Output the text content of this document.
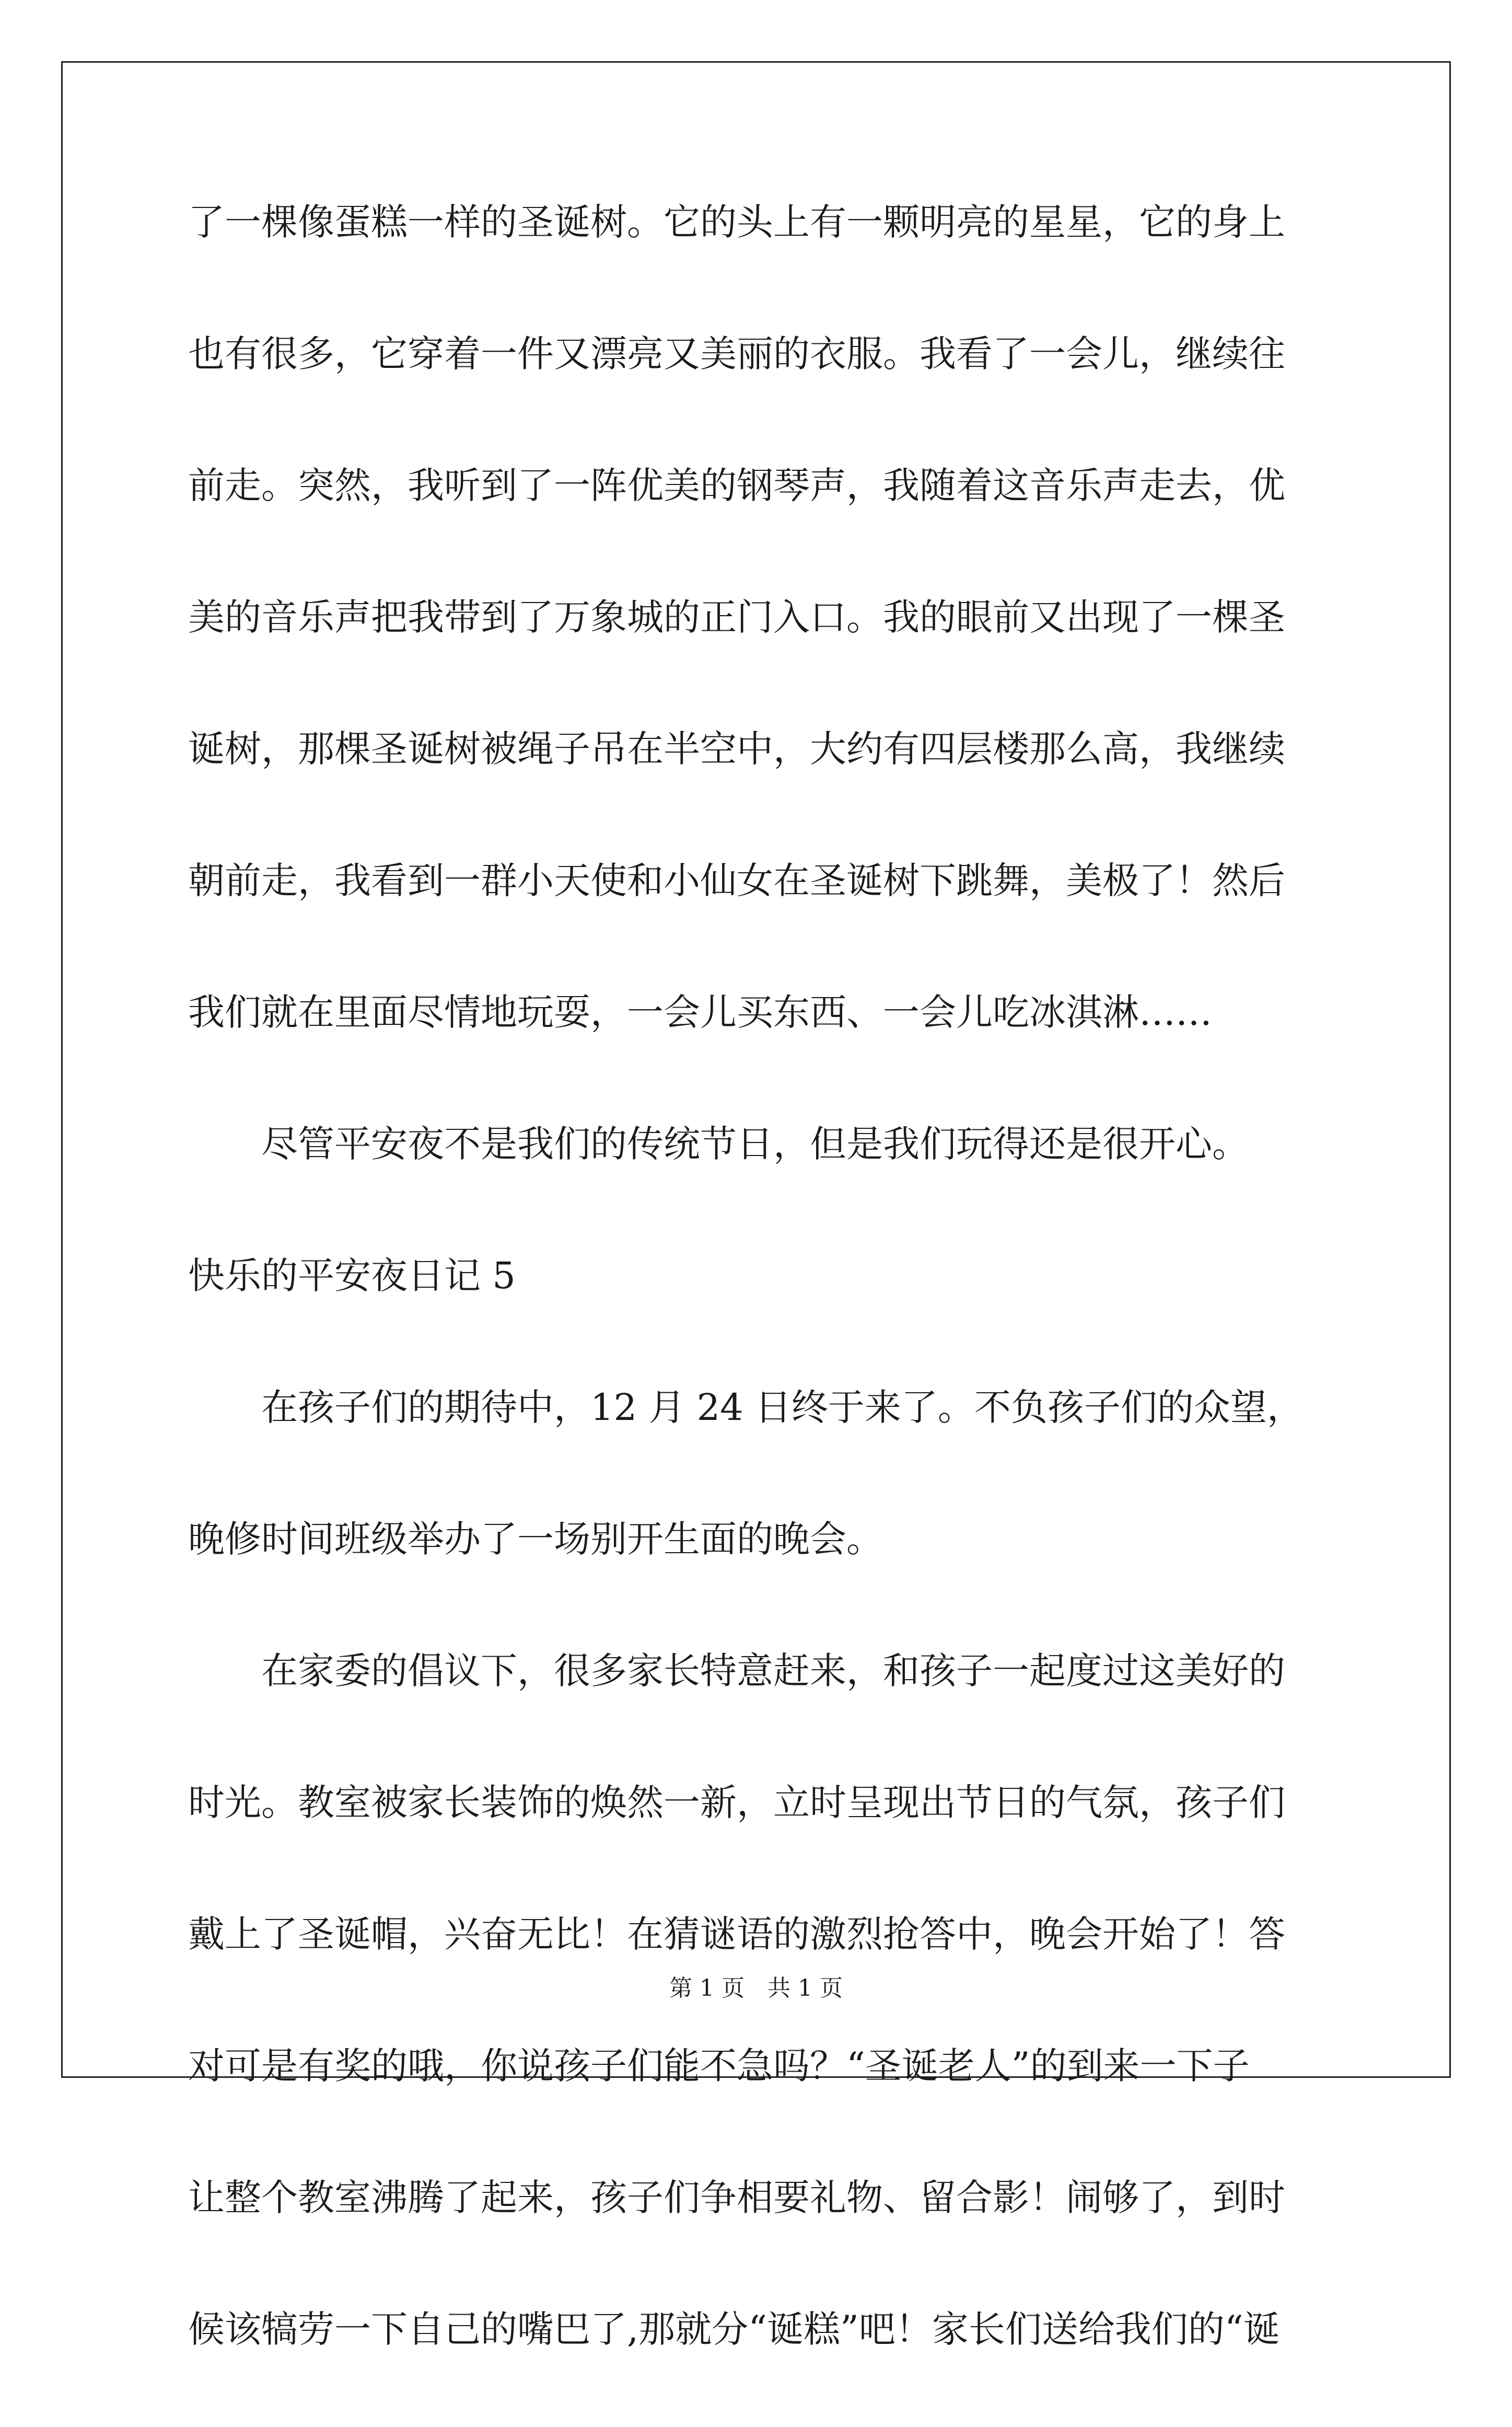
了一棵像蛋糕一样的圣诞树。它的头上有一颗明亮的星星，它的身上
也有很多，它穿着一件又漂亮又美丽的衣服。我看了一会儿，继续往
前走。突然，我听到了一阵优美的钢琴声，我随着这音乐声走去，优
美的音乐声把我带到了万象城的正门入口。我的眼前又出现了一棵圣
诞树，那棵圣诞树被绳子吊在半空中，大约有四层楼那么高，我继续
朝前走，我看到一群小天使和小仙女在圣诞树下跳舞，美极了！然后
我们就在里面尽情地玩耍，一会儿买东西、一会儿吃冰淇淋……
尽管平安夜不是我们的传统节日，但是我们玩得还是很开心。
快乐的平安夜日记 5
在孩子们的期待中，12 月 24 日终于来了。不负孩子们的众望，
晚修时间班级举办了一场别开生面的晚会。
在家委的倡议下，很多家长特意赶来，和孩子一起度过这美好的
时光。教室被家长装饰的焕然一新，立时呈现出节日的气氛，孩子们
戴上了圣诞帽，兴奋无比！在猜谜语的激烈抢答中，晚会开始了！答
对可是有奖的哦，你说孩子们能不急吗？“圣诞老人”的到来一下子
让整个教室沸腾了起来，孩子们争相要礼物、留合影！闹够了，到时
候该犒劳一下自己的嘴巴了,那就分“诞糕”吧！家长们送给我们的“诞
第 1 页　共 1 页
